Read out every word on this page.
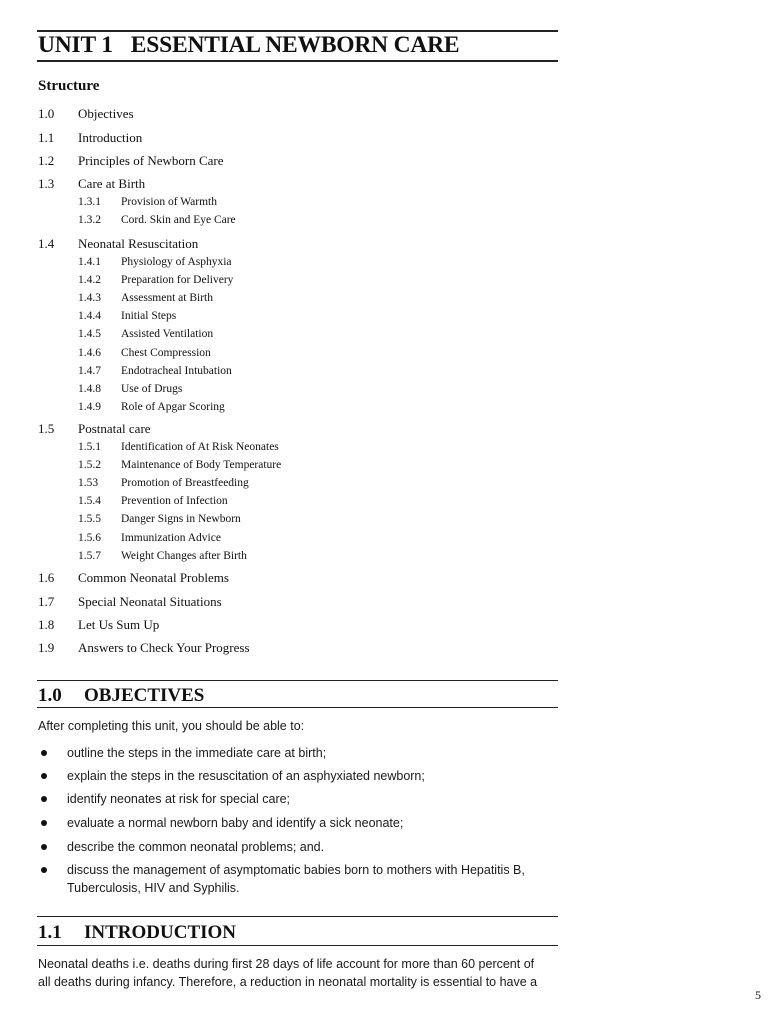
UNIT 1 ESSENTIAL NEWBORN CARE
Structure
1.0 Objectives
1.1 Introduction
1.2 Principles of Newborn Care
1.3 Care at Birth
1.3.1 Provision of Warmth
1.3.2 Cord. Skin and Eye Care
1.4 Neonatal Resuscitation
1.4.1 Physiology of Asphyxia
1.4.2 Preparation for Delivery
1.4.3 Assessment at Birth
1.4.4 Initial Steps
1.4.5 Assisted Ventilation
1.4.6 Chest Compression
1.4.7 Endotracheal Intubation
1.4.8 Use of Drugs
1.4.9 Role of Apgar Scoring
1.5 Postnatal care
1.5.1 Identification of At Risk Neonates
1.5.2 Maintenance of Body Temperature
1.53 Promotion of Breastfeeding
1.5.4 Prevention of Infection
1.5.5 Danger Signs in Newborn
1.5.6 Immunization Advice
1.5.7 Weight Changes after Birth
1.6 Common Neonatal Problems
1.7 Special Neonatal Situations
1.8 Let Us Sum Up
1.9 Answers to Check Your Progress
1.0 OBJECTIVES
After completing this unit, you should be able to:
outline the steps in the immediate care at birth;
explain the steps in the resuscitation of an asphyxiated newborn;
identify neonates at risk for special care;
evaluate a normal newborn baby and identify a sick neonate;
describe the common neonatal problems; and.
discuss the management of asymptomatic babies born to mothers with Hepatitis B,
Tuberculosis, HIV and Syphilis.
1.1 INTRODUCTION
Neonatal deaths i.e. deaths during first 28 days of life account for more than 60 percent of
all deaths during infancy. Therefore, a reduction in neonatal mortality is essential to have a
5
